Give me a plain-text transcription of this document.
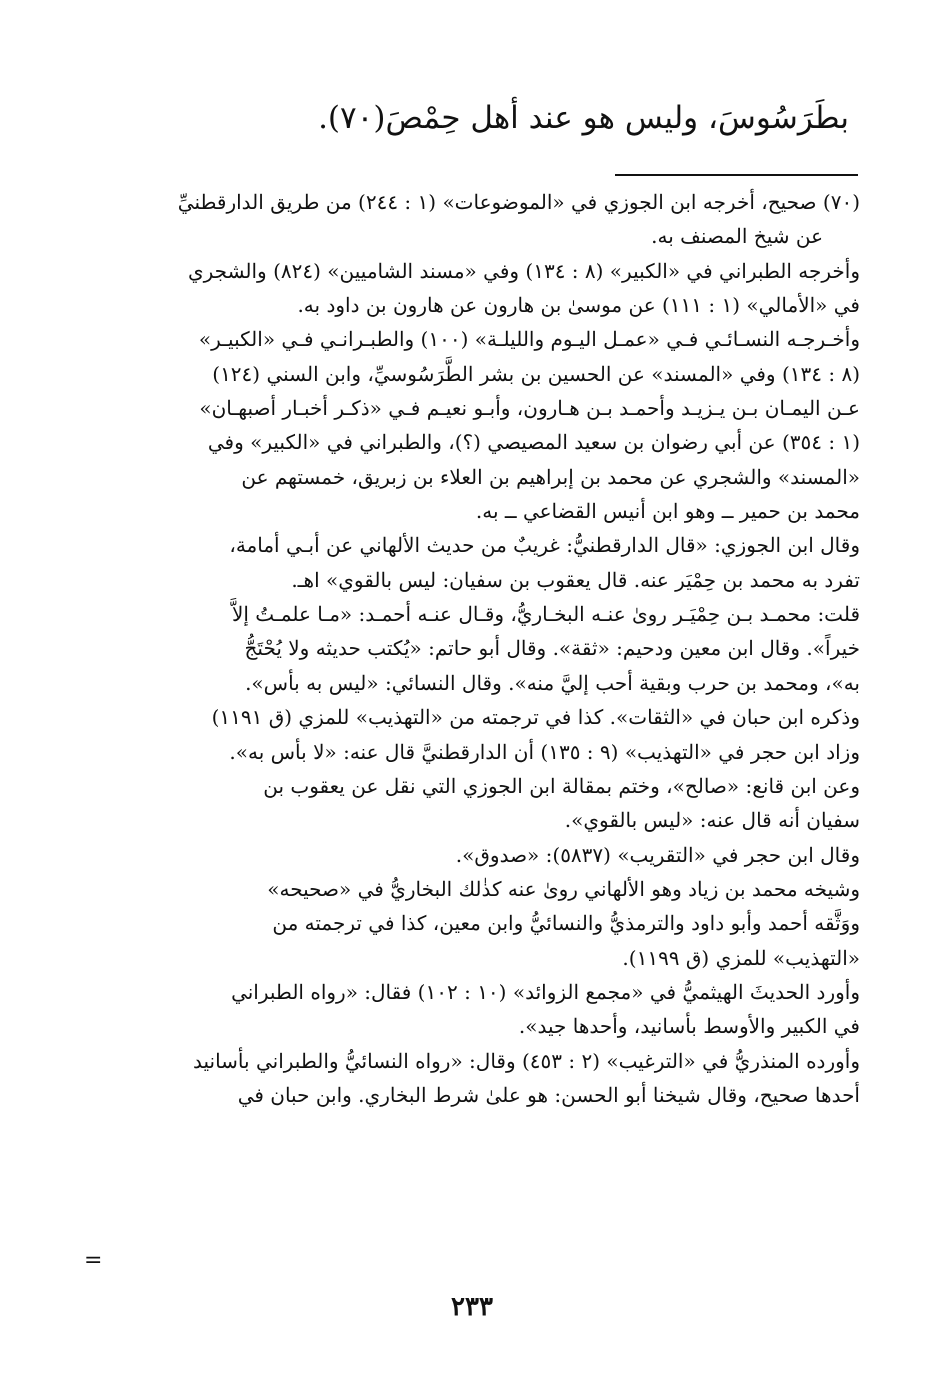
بطَرَسُوسَ، وليس هو عند أهل حِمْصَ(٧٠).

(٧٠) صحيح، أخرجه ابن الجوزي في «الموضوعات» (١ : ٢٤٤) من طريق الدارقطنيِّ

عن شيخ المصنف به.

وأخرجه الطبراني في «الكبير» (٨ : ١٣٤) وفي «مسند الشاميين» (٨٢٤) والشجري

في «الأمالي» (١ : ١١١) عن موسىٰ بن هارون عن هارون بن داود به.

وأخـرجـه النسـائـي فـي «عمـل اليـوم والليلـة» (١٠٠) والطبـرانـي فـي «الكبيـر»

(٨ : ١٣٤) وفي «المسند» عن الحسين بن بشر الطَّرَسُوسيِّ، وابن السني (١٢٤)

عـن اليمـان بـن يـزيـد وأحمـد بـن هـارون، وأبـو نعيـم فـي «ذكـر أخبـار أصبهـان»

(١ : ٣٥٤) عن أبي رضوان بن سعيد المصيصي (؟)، والطبراني في «الكبير» وفي

«المسند» والشجري عن محمد بن إبراهيم بن العلاء بن زبريق، خمستهم عن

محمد بن حمير ــ وهو ابن أنيس القضاعي ــ به.

وقال ابن الجوزي: «قال الدارقطنيُّ: غريبٌ من حديث الألهاني عن أبـي أمامة،

تفرد به محمد بن حِمْيَر عنه. قال يعقوب بن سفيان: ليس بالقوي» اهـ.

قلت: محمـد بـن حِمْيَـر روىٰ عنـه البخـاريُّ، وقـال عنـه أحمـد: «مـا علمـتُ إلاَّ

خيراً». وقال ابن معين ودحيم: «ثقة». وقال أبو حاتم: «يُكتب حديثه ولا يُحْتَجُّ

به»، ومحمد بن حرب وبقية أحب إليَّ منه». وقال النسائي: «ليس به بأس».

وذكره ابن حبان في «الثقات». كذا في ترجمته من «التهذيب» للمزي (ق ١١٩١)

وزاد ابن حجر في «التهذيب» (٩ : ١٣٥) أن الدارقطنيَّ قال عنه: «لا بأس به».

وعن ابن قانع: «صالح»، وختم بمقالة ابن الجوزي التي نقل عن يعقوب بن

سفيان أنه قال عنه: «ليس بالقوي».

وقال ابن حجر في «التقريب» (٥٨٣٧): «صدوق».

وشيخه محمد بن زياد وهو الألهاني روىٰ عنه كذٰلك البخاريُّ في «صحيحه»

ووَثَّقه أحمد وأبو داود والترمذيُّ والنسائيُّ وابن معين، كذا في ترجمته من

«التهذيب» للمزي (ق ١١٩٩).

وأورد الحديثَ الهيثميُّ في «مجمع الزوائد» (١٠ : ١٠٢) فقال: «رواه الطبراني

في الكبير والأوسط بأسانيد، وأحدها جيد».

وأورده المنذريُّ في «الترغيب» (٢ : ٤٥٣) وقال: «رواه النسائيُّ والطبراني بأسانيد

أحدها صحيح، وقال شيخنا أبو الحسن: هو علىٰ شرط البخاري. وابن حبان في

=
٢٣٣
